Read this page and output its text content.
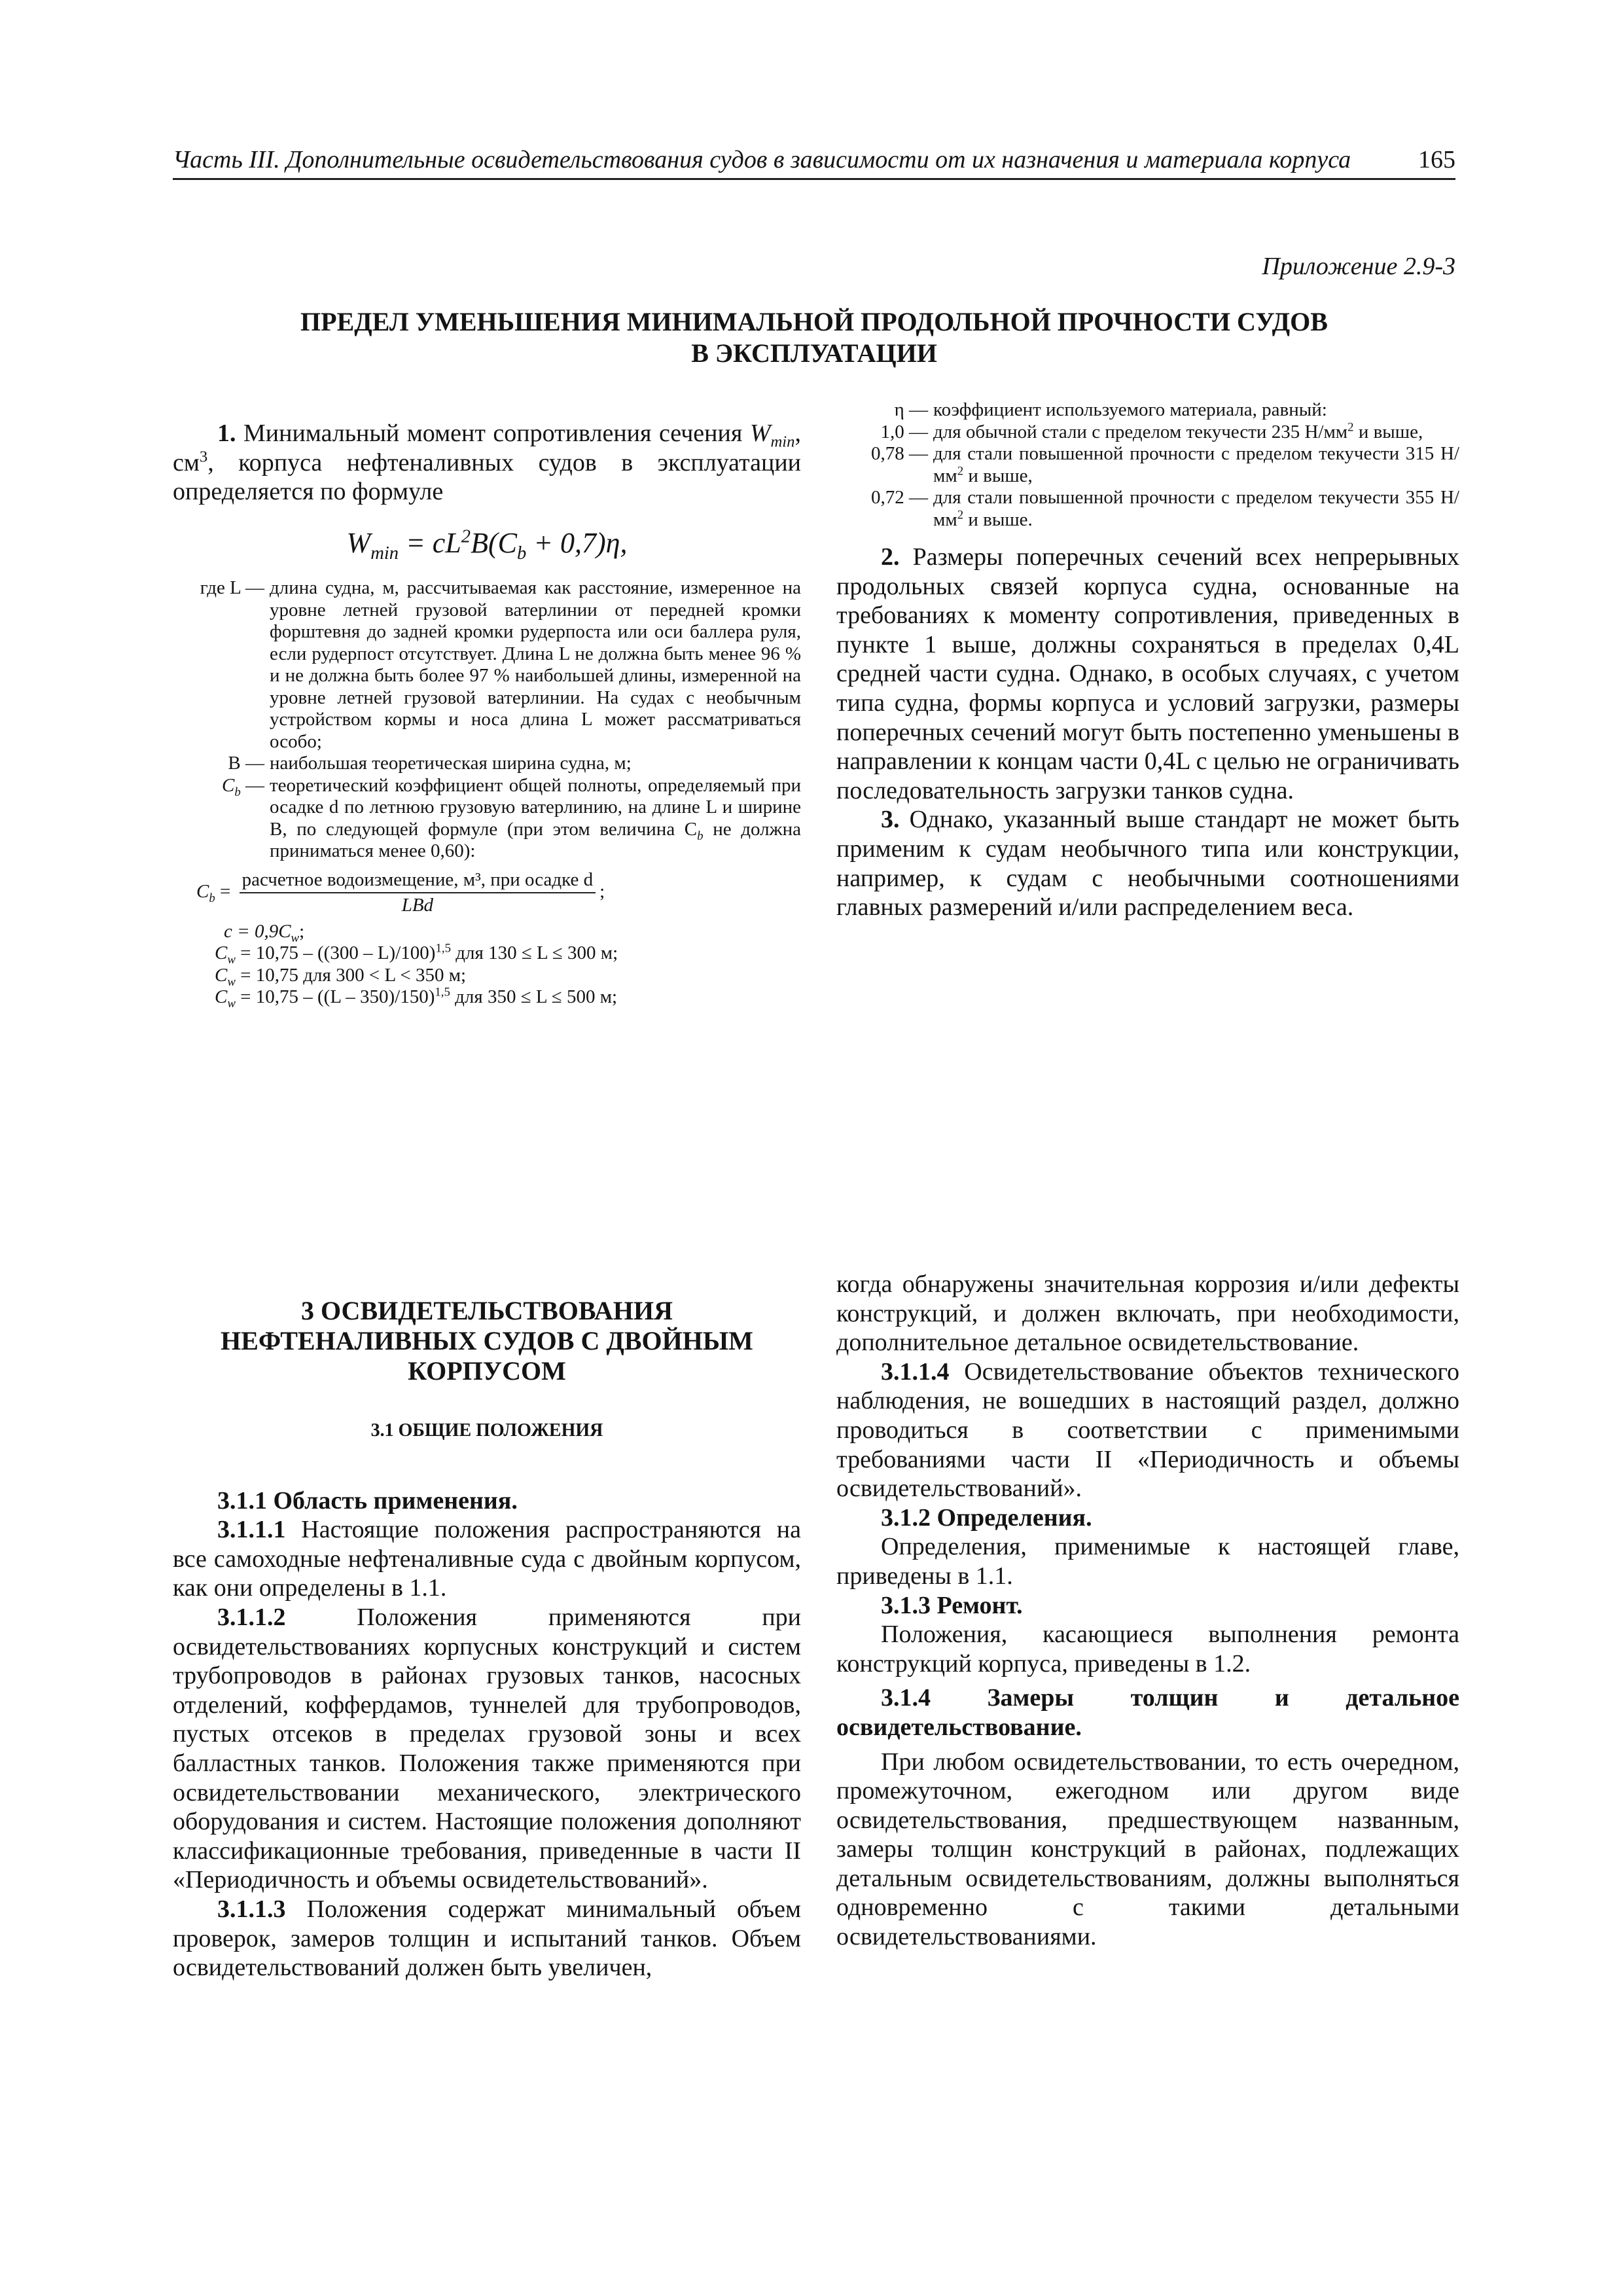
Часть III. Дополнительные освидетельствования судов в зависимости от их назначения и материала корпуса	165
Приложение 2.9-3
ПРЕДЕЛ УМЕНЬШЕНИЯ МИНИМАЛЬНОЙ ПРОДОЛЬНОЙ ПРОЧНОСТИ СУДОВ
В ЭКСПЛУАТАЦИИ

1. Минимальный момент сопротивления сечения $W_{min}$, $см^3$, корпуса нефтеналивных судов в эксплуатации определяется по формуле

$W_{min} = cL^2B(C_b + 0,7)\eta$,
где L — длина судна, м, рассчитываемая как расстояние, измеренное на уровне летней грузовой ватерлинии от передней кромки форштевня до задней кромки рудерпоста или оси баллера руля, если рудерпост отсутствует. Длина L не должна быть менее 96 % и не должна быть более 97 % наибольшей длины, измеренной на уровне летней грузовой ватерлинии. На судах с необычным устройством кормы и носа длина L может рассматриваться особо;
B — наибольшая теоретическая ширина судна, м;
$C_b$ — теоретический коэффициент общей полноты, определяемый при осадке d по летнюю грузовую ватерлинию, на длине L и ширине B, по следующей формуле (при этом величина $C_b$ не должна приниматься менее 0,60):
$C_b = \frac{\text{расчетное водоизмещение, м³, при осадке d}}{\text{LBd}}$ ;
$c = 0,9C_w$;
$C_w = 10,75 - ((300 - L)/100)^{1,5}$ для 130 ≤ L ≤ 300 м;
$C_w = 10,75$ для 300 < L < 350 м;
$C_w = 10,75 - ((L - 350)/150)^{1,5}$ для 350 ≤ L ≤ 500 м;
η — коэффициент используемого материала, равный:
1,0 — для обычной стали с пределом текучести 235 $Н/мм^2$ и выше,
0,78 — для стали повышенной прочности с пределом текучести 315 $Н/мм^2$ и выше,
0,72 — для стали повышенной прочности с пределом текучести 355 $Н/мм^2$ и выше.

2. Размеры поперечных сечений всех непрерывных продольных связей корпуса судна, основанные на требованиях к моменту сопротивления, приведенных в пункте 1 выше, должны сохраняться в пределах 0,4L средней части судна. Однако, в особых случаях, с учетом типа судна, формы корпуса и условий загрузки, размеры поперечных сечений могут быть постепенно уменьшены в направлении к концам части 0,4L с целью не ограничивать последовательность загрузки танков судна.

3. Однако, указанный выше стандарт не может быть применим к судам необычного типа или конструкции, например, к судам с необычными соотношениями главных размерений и/или распределением веса.

3 ОСВИДЕТЕЛЬСТВОВАНИЯ
НЕФТЕНАЛИВНЫХ СУДОВ С ДВОЙНЫМ
КОРПУСОМ
3.1 ОБЩИЕ ПОЛОЖЕНИЯ

3.1.1 Область применения.

3.1.1.1 Настоящие положения распространяются на все самоходные нефтеналивные суда с двойным корпусом, как они определены в 1.1.

3.1.1.2 Положения применяются при освидетельствованиях корпусных конструкций и систем трубопроводов в районах грузовых танков, насосных отделений, коффердамов, туннелей для трубопроводов, пустых отсеков в пределах грузовой зоны и всех балластных танков. Положения также применяются при освидетельствовании механического, электрического оборудования и систем. Настоящие положения дополняют классификационные требования, приведенные в части II «Периодичность и объемы освидетельствований».

3.1.1.3 Положения содержат минимальный объем проверок, замеров толщин и испытаний танков. Объем освидетельствований должен быть увеличен,

когда обнаружены значительная коррозия и/или дефекты конструкций, и должен включать, при необходимости, дополнительное детальное освидетельствование.

3.1.1.4 Освидетельствование объектов технического наблюдения, не вошедших в настоящий раздел, должно проводиться в соответствии с применимыми требованиями части II «Периодичность и объемы освидетельствований».

3.1.2 Определения.

Определения, применимые к настоящей главе, приведены в 1.1.

3.1.3 Ремонт.

Положения, касающиеся выполнения ремонта конструкций корпуса, приведены в 1.2.

3.1.4 Замеры толщин и детальное освидетельствование.

При любом освидетельствовании, то есть очередном, промежуточном, ежегодном или другом виде освидетельствования, предшествующем названным, замеры толщин конструкций в районах, подлежащих детальным освидетельствованиям, должны выполняться одновременно с такими детальными освидетельствованиями.
